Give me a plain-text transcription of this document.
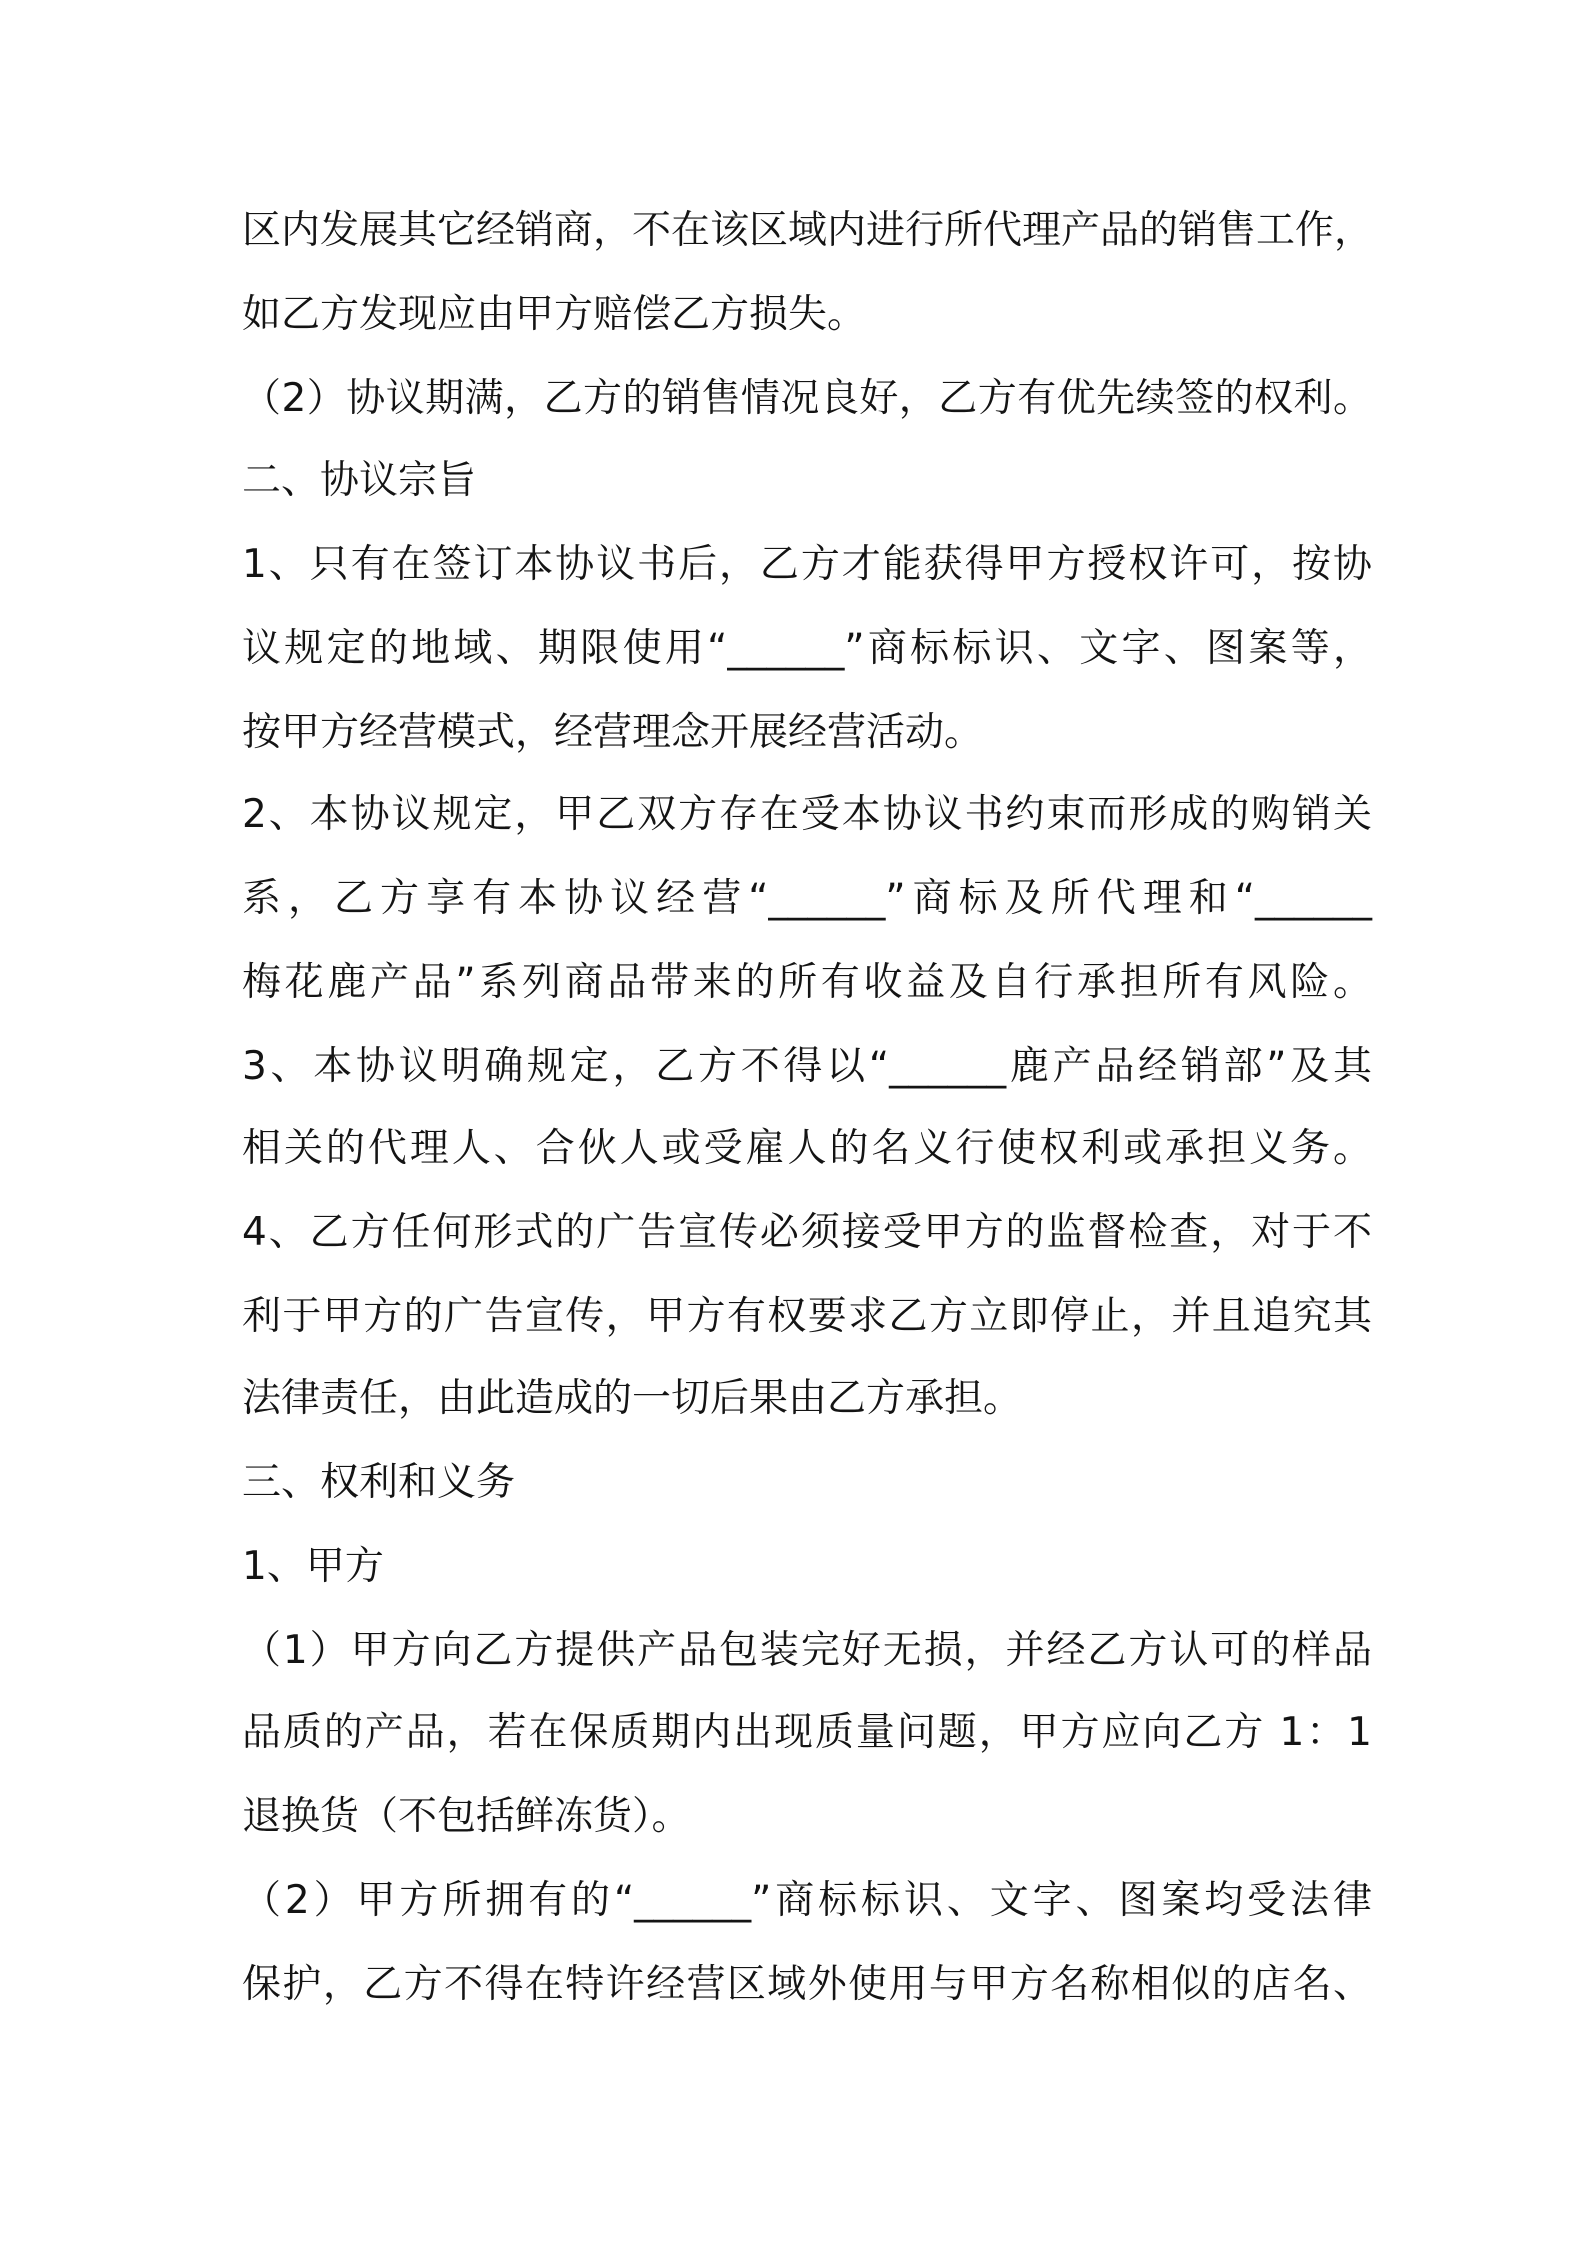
区内发展其它经销商，不在该区域内进行所代理产品的销售工作，
如乙方发现应由甲方赔偿乙方损失。
（2）协议期满，乙方的销售情况良好，乙方有优先续签的权利。
二、协议宗旨
1、只有在签订本协议书后，乙方才能获得甲方授权许可，按协
议规定的地域、期限使用“______”商标标识、文字、图案等，
按甲方经营模式，经营理念开展经营活动。
2、本协议规定，甲乙双方存在受本协议书约束而形成的购销关
系，乙方享有本协议经营“______”商标及所代理和“______
梅花鹿产品”系列商品带来的所有收益及自行承担所有风险。
3、本协议明确规定，乙方不得以“______鹿产品经销部”及其
相关的代理人、合伙人或受雇人的名义行使权利或承担义务。
4、乙方任何形式的广告宣传必须接受甲方的监督检查，对于不
利于甲方的广告宣传，甲方有权要求乙方立即停止，并且追究其
法律责任，由此造成的一切后果由乙方承担。
三、权利和义务
1、甲方
（1）甲方向乙方提供产品包装完好无损，并经乙方认可的样品
品质的产品，若在保质期内出现质量问题，甲方应向乙方 1：1
退换货（不包括鲜冻货）。
（2）甲方所拥有的“______”商标标识、文字、图案均受法律
保护，乙方不得在特许经营区域外使用与甲方名称相似的店名、
